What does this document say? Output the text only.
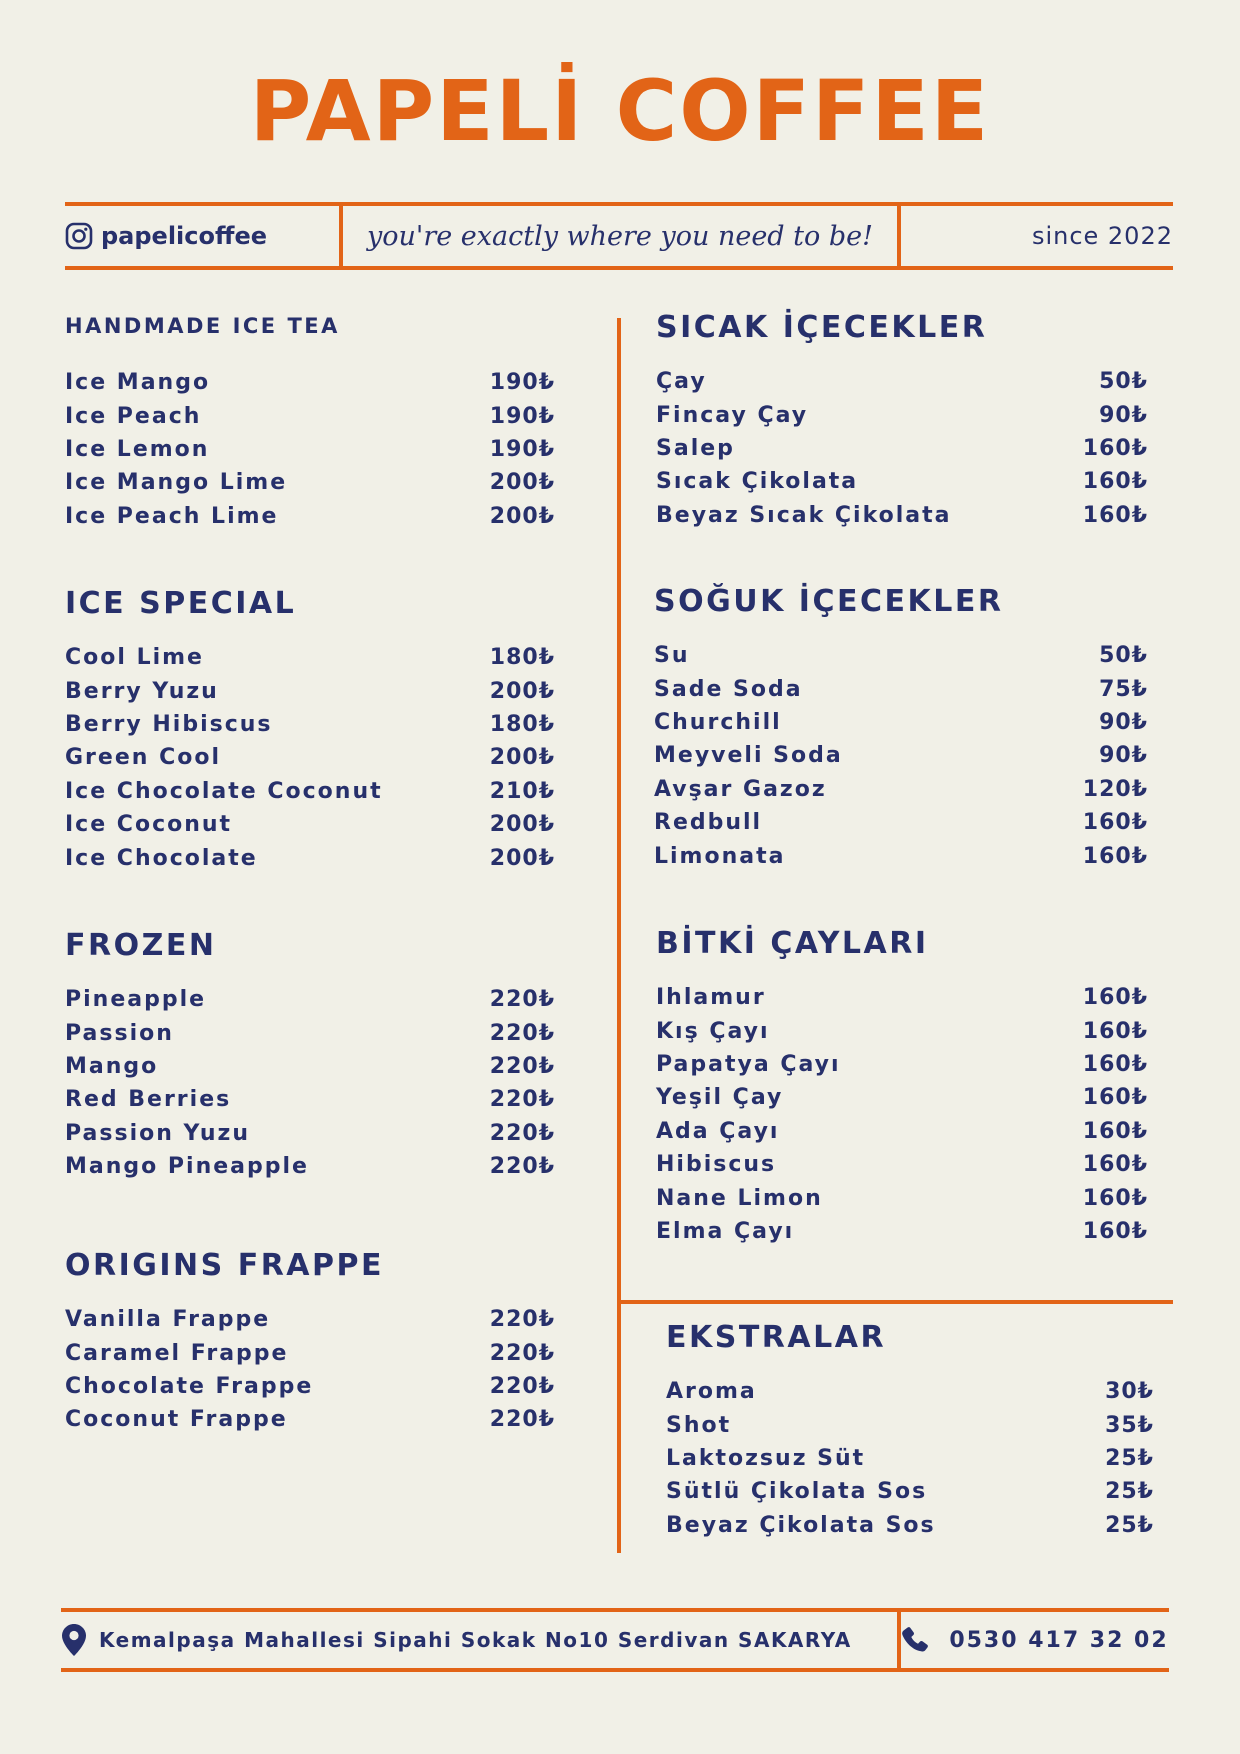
PAPELİ COFFEE
papelicoffee	you're exactly where you need to be!	since 2022
HANDMADE ICE TEA
Ice Mango	190₺
Ice Peach	190₺
Ice Lemon	190₺
Ice Mango Lime	200₺
Ice Peach Lime	200₺
ICE SPECIAL
Cool Lime	180₺
Berry Yuzu	200₺
Berry Hibiscus	180₺
Green Cool	200₺
Ice Chocolate Coconut	210₺
Ice Coconut	200₺
Ice Chocolate	200₺
FROZEN
Pineapple	220₺
Passion	220₺
Mango	220₺
Red Berries	220₺
Passion Yuzu	220₺
Mango Pineapple	220₺
ORIGINS FRAPPE
Vanilla Frappe	220₺
Caramel Frappe	220₺
Chocolate Frappe	220₺
Coconut Frappe	220₺
SICAK İÇECEKLER
Çay	50₺
Fincay Çay	90₺
Salep	160₺
Sıcak Çikolata	160₺
Beyaz Sıcak Çikolata	160₺
SOĞUK İÇECEKLER
Su	50₺
Sade Soda	75₺
Churchill	90₺
Meyveli Soda	90₺
Avşar Gazoz	120₺
Redbull	160₺
Limonata	160₺
BİTKİ ÇAYLARI
Ihlamur	160₺
Kış Çayı	160₺
Papatya Çayı	160₺
Yeşil Çay	160₺
Ada Çayı	160₺
Hibiscus	160₺
Nane Limon	160₺
Elma Çayı	160₺
EKSTRALAR
Aroma	30₺
Shot	35₺
Laktozsuz Süt	25₺
Sütlü Çikolata Sos	25₺
Beyaz Çikolata Sos	25₺
Kemalpaşa Mahallesi Sipahi Sokak No10 Serdivan SAKARYA	0530 417 32 02
